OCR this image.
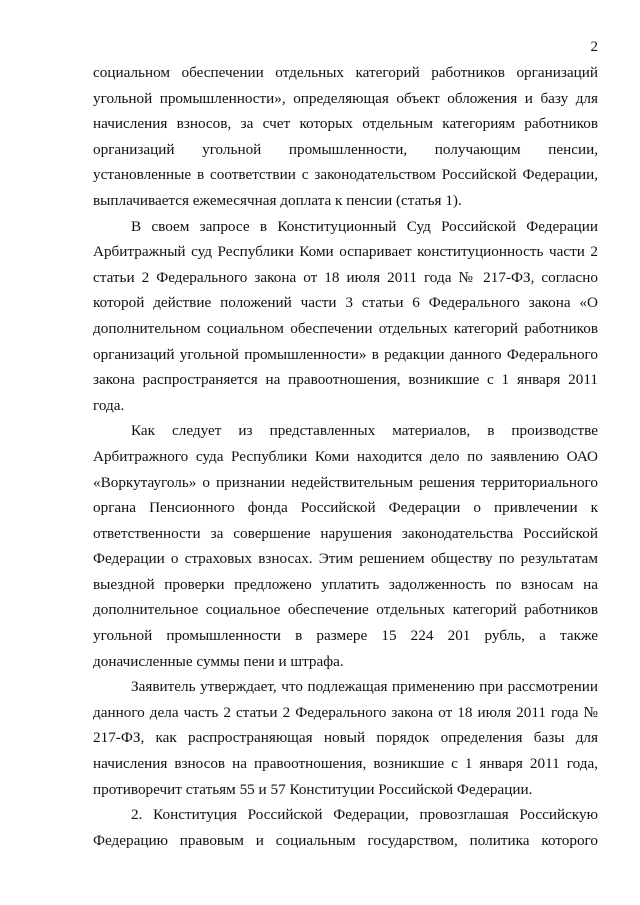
2

социальном обеспечении отдельных категорий работников организаций угольной промышленности», определяющая объект обложения и базу для начисления взносов, за счет которых отдельным категориям работников организаций угольной промышленности, получающим пенсии, установленные в соответствии с законодательством Российской Федерации, выплачивается ежемесячная доплата к пенсии (статья 1).

В своем запросе в Конституционный Суд Российской Федерации Арбитражный суд Республики Коми оспаривает конституционность части 2 статьи 2 Федерального закона от 18 июля 2011 года № 217-ФЗ, согласно которой действие положений части 3 статьи 6 Федерального закона «О дополнительном социальном обеспечении отдельных категорий работников организаций угольной промышленности» в редакции данного Федерального закона распространяется на правоотношения, возникшие с 1 января 2011 года.

Как следует из представленных материалов, в производстве Арбитражного суда Республики Коми находится дело по заявлению ОАО «Воркутауголь» о признании недействительным решения территориального органа Пенсионного фонда Российской Федерации о привлечении к ответственности за совершение нарушения законодательства Российской Федерации о страховых взносах. Этим решением обществу по результатам выездной проверки предложено уплатить задолженность по взносам на дополнительное социальное обеспечение отдельных категорий работников угольной промышленности в размере 15 224 201 рубль, а также доначисленные суммы пени и штрафа.

Заявитель утверждает, что подлежащая применению при рассмотрении данного дела часть 2 статьи 2 Федерального закона от 18 июля 2011 года № 217-ФЗ, как распространяющая новый порядок определения базы для начисления взносов на правоотношения, возникшие с 1 января 2011 года, противоречит статьям 55 и 57 Конституции Российской Федерации.

2. Конституция Российской Федерации, провозглашая Российскую Федерацию правовым и социальным государством, политика которого
